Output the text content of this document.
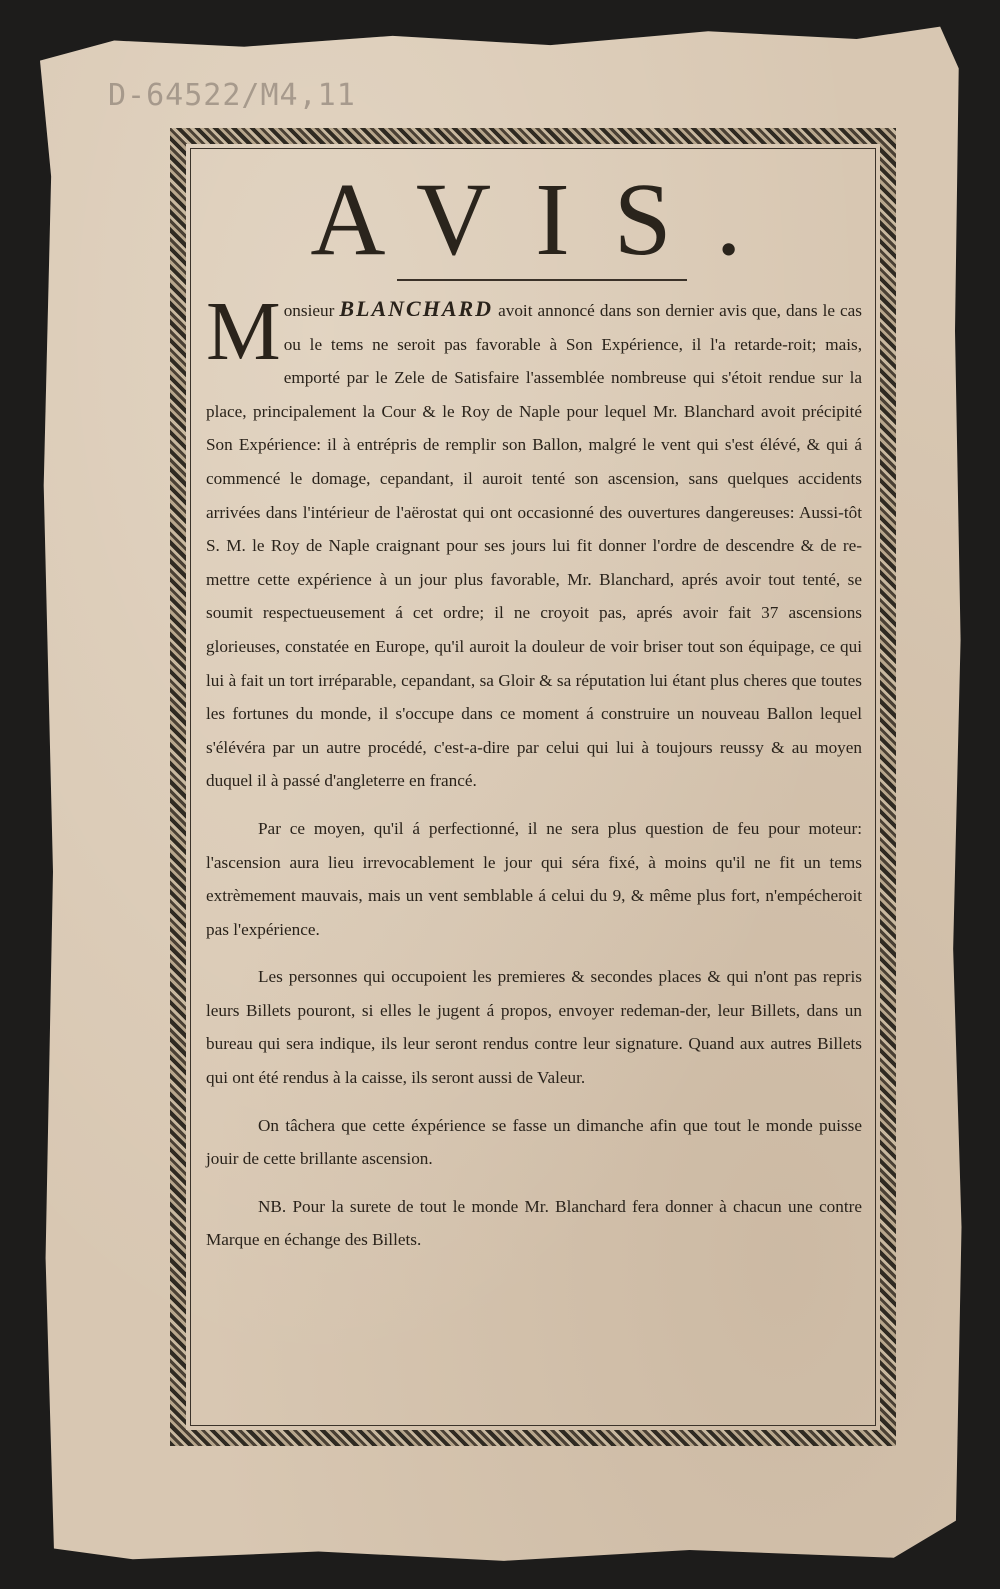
D-64522/M4,11
AVIS.

Monsieur BLANCHARD avoit annoncé dans son dernier avis que, dans le cas ou le tems ne seroit pas favorable à Son Expérience, il l'a retarde-roit; mais, emporté par le Zele de Satisfaire l'assemblée nombreuse qui s'étoit rendue sur la place, principalement la Cour & le Roy de Naple pour lequel Mr. Blanchard avoit précipité Son Expérience: il à entrépris de remplir son Ballon, malgré le vent qui s'est élévé, & qui á commencé le domage, cepandant, il auroit tenté son ascension, sans quelques accidents arrivées dans l'intérieur de l'aërostat qui ont occasionné des ouvertures dangereuses: Aussi-tôt S. M. le Roy de Naple craignant pour ses jours lui fit donner l'ordre de descendre & de re-mettre cette expérience à un jour plus favorable, Mr. Blanchard, aprés avoir tout tenté, se soumit respectueusement á cet ordre; il ne croyoit pas, aprés avoir fait 37 ascensions glorieuses, constatée en Europe, qu'il auroit la douleur de voir briser tout son équipage, ce qui lui à fait un tort irréparable, cepandant, sa Gloir & sa réputation lui étant plus cheres que toutes les fortunes du monde, il s'occupe dans ce moment á construire un nouveau Ballon lequel s'élévéra par un autre procédé, c'est-a-dire par celui qui lui à toujours reussy & au moyen duquel il à passé d'angleterre en francé.

Par ce moyen, qu'il á perfectionné, il ne sera plus question de feu pour moteur: l'ascension aura lieu irrevocablement le jour qui séra fixé, à moins qu'il ne fit un tems extrèmement mauvais, mais un vent semblable á celui du 9, & même plus fort, n'empécheroit pas l'expérience.

Les personnes qui occupoient les premieres & secondes places & qui n'ont pas repris leurs Billets pouront, si elles le jugent á propos, envoyer redeman-der, leur Billets, dans un bureau qui sera indique, ils leur seront rendus contre leur signature. Quand aux autres Billets qui ont été rendus à la caisse, ils seront aussi de Valeur.

On tâchera que cette éxpérience se fasse un dimanche afin que tout le monde puisse jouir de cette brillante ascension.

NB. Pour la surete de tout le monde Mr. Blanchard fera donner à chacun une contre Marque en échange des Billets.
